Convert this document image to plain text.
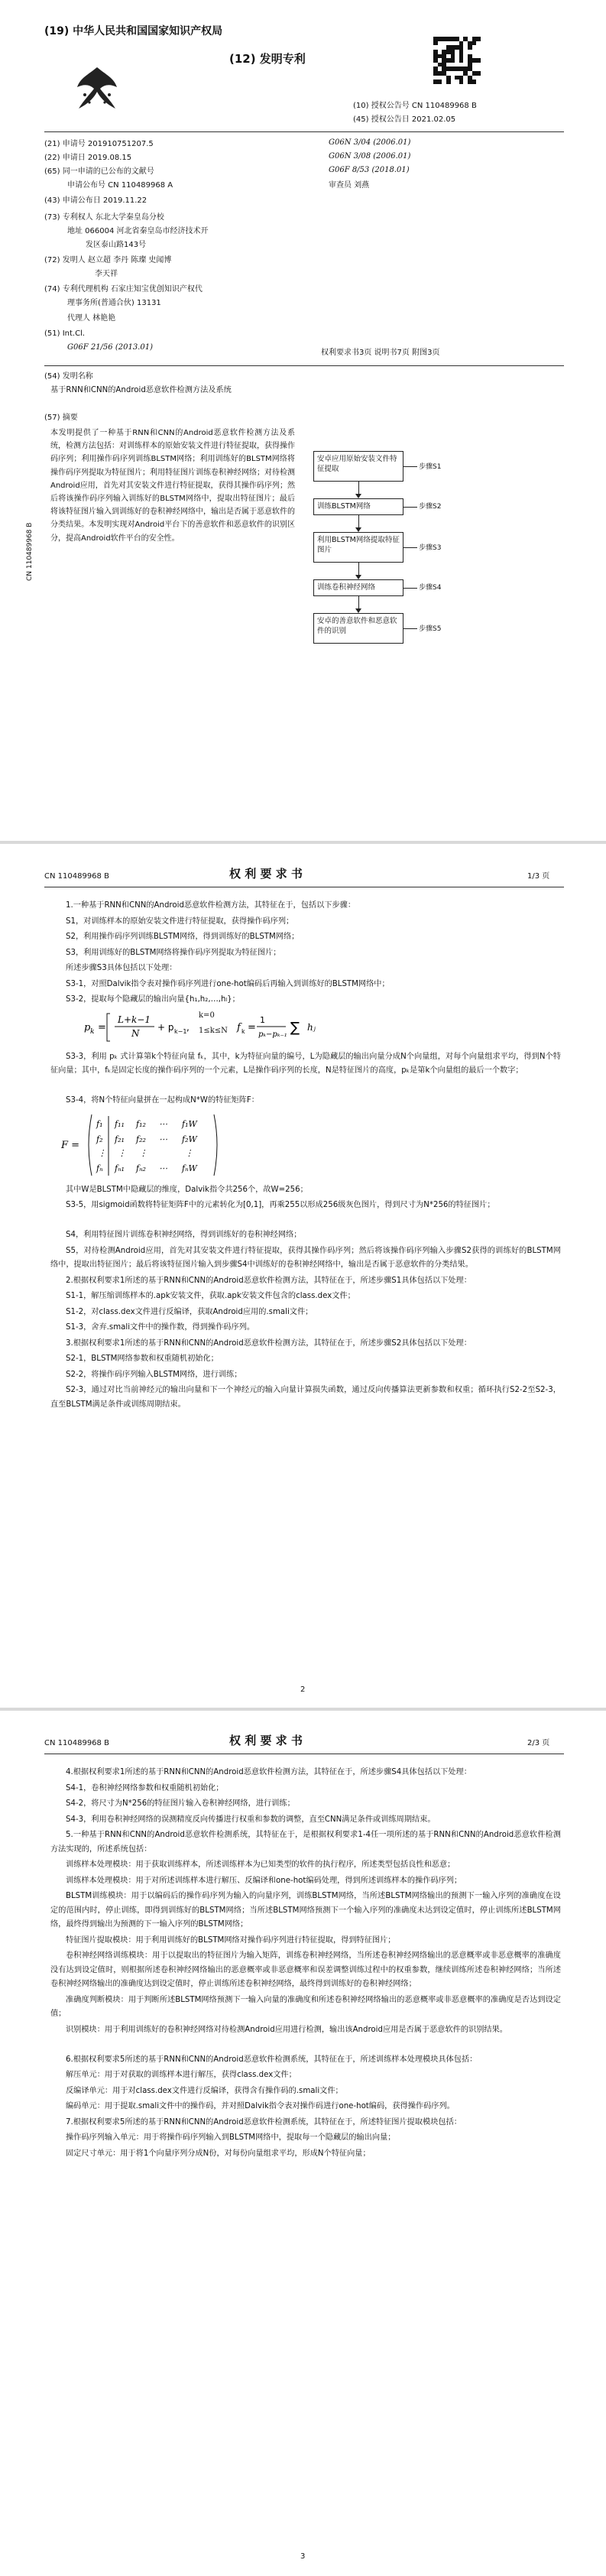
(19) 中华人民共和国国家知识产权局
(12) 发明专利
(10) 授权公告号 CN 110489968 B
(45) 授权公告日 2021.02.05
(21) 申请号 201910751207.5
(22) 申请日 2019.08.15
(65) 同一申请的已公布的文献号
申请公布号 CN 110489968 A
(43) 申请公布日 2019.11.22
(73) 专利权人 东北大学秦皇岛分校
地址 066004 河北省秦皇岛市经济技术开
发区泰山路143号
(72) 发明人 赵立超 李丹 陈璨 史闻博
李天祥
(74) 专利代理机构 石家庄知宝优创知识产权代
理事务所(普通合伙) 13131
代理人 林艳艳
(51) Int.Cl.
G06F 21/56 (2013.01)
G06N 3/04 (2006.01)
G06N 3/08 (2006.01)
G06F 8/53 (2018.01)
审查员 刘燕
权利要求书3页 说明书7页 附图3页
(54) 发明名称
基于RNN和CNN的Android恶意软件检测方法及系统
(57) 摘要
本发明提供了一种基于RNN和CNN的Android恶意软件检测方法及系统，检测方法包括：对训练样本的原始安装文件进行特征提取，获得操作码序列；利用操作码序列训练BLSTM网络；利用训练好的BLSTM网络将操作码序列提取为特征图片；利用特征图片训练卷积神经网络；对待检测Android应用，首先对其安装文件进行特征提取，获得其操作码序列；然后将该操作码序列输入训练好的BLSTM网络中，提取出特征图片；最后将该特征图片输入到训练好的卷积神经网络中，输出是否属于恶意软件的分类结果。本发明实现对Android平台下的善意软件和恶意软件的识别区分，提高Android软件平台的安全性。
安卓应用原始安装文件特征提取	步骤S1
训练BLSTM网络	步骤S2
利用BLSTM网络提取特征图片	步骤S3
训练卷积神经网络	步骤S4
安卓的善意软件和恶意软件的识别	步骤S5
CN 110489968 B
CN 110489968 B	权 利 要 求 书	1/3 页
1.一种基于RNN和CNN的Android恶意软件检测方法，其特征在于，包括以下步骤：
S1，对训练样本的原始安装文件进行特征提取，获得操作码序列；
S2，利用操作码序列训练BLSTM网络，得到训练好的BLSTM网络；
S3，利用训练好的BLSTM网络将操作码序列提取为特征图片；
所述步骤S3具体包括以下处理：
S3-1，对照Dalvik指令表对操作码序列进行one-hot编码后再输入到训练好的BLSTM网络中；
S3-2，提取每个隐藏层的输出向量{h₁,h₂,…,hₗ}；
p k =
L+k−1
N
+ p k−1 ,	f k =
1
pₖ−pₖ₋₁ ∑ hⱼ
k=0
1≤k≤N
S3-3，利用 pₖ 式计算第k个特征向量 fₖ，其中，k为特征向量的编号，L为隐藏层的输出向量分成N个向量组，对每个向量组求平均，得到N个特征向量；其中，fₖ是固定长度的操作码序列的一个元素，L是操作码序列的长度，N是特征图片的高度，pₖ是第k个向量组的最后一个数字；
S3-4，将N个特征向量拼在一起构成N*W的特征矩阵F：
F =
f₁
f₂
⋮
fₙ
f₁₁ f₁₂ ⋯ f₁W
f₂₁ f₂₂ ⋯ f₂W
⋮ ⋮	⋮
fₙ₁ fₙ₂ ⋯ fₙW
其中W是BLSTM中隐藏层的维度，Dalvik指令共256个，故W=256；
S3-5，用sigmoid函数将特征矩阵F中的元素转化为[0,1]，再乘255以形成256级灰色图片，得到尺寸为N*256的特征图片；
S4，利用特征图片训练卷积神经网络，得到训练好的卷积神经网络；
S5，对待检测Android应用，首先对其安装文件进行特征提取，获得其操作码序列；然后将该操作码序列输入步骤S2获得的训练好的BLSTM网络中，提取出特征图片；最后将该特征图片输入到步骤S4中训练好的卷积神经网络中，输出是否属于恶意软件的分类结果。
2.根据权利要求1所述的基于RNN和CNN的Android恶意软件检测方法，其特征在于，所述步骤S1具体包括以下处理：
S1-1，解压缩训练样本的.apk安装文件，获取.apk安装文件包含的class.dex文件；
S1-2，对class.dex文件进行反编译，获取Android应用的.smali文件；
S1-3，舍弃.smali文件中的操作数，得到操作码序列。
3.根据权利要求1所述的基于RNN和CNN的Android恶意软件检测方法，其特征在于，所述步骤S2具体包括以下处理：
S2-1，BLSTM网络参数和权重随机初始化；
S2-2，将操作码序列输入BLSTM网络，进行训练；
S2-3，通过对比当前神经元的输出向量和下一个神经元的输入向量计算损失函数，通过反向传播算法更新参数和权重；循环执行S2-2至S2-3，直至BLSTM满足条件或训练周期结束。
2
CN 110489968 B	权 利 要 求 书	2/3 页
4.根据权利要求1所述的基于RNN和CNN的Android恶意软件检测方法，其特征在于，所述步骤S4具体包括以下处理：
S4-1，卷积神经网络参数和权重随机初始化；
S4-2，将尺寸为N*256的特征图片输入卷积神经网络，进行训练；
S4-3，利用卷积神经网络的误测精度反向传播进行权重和参数的调整，直至CNN满足条件或训练周期结束。
5.一种基于RNN和CNN的Android恶意软件检测系统，其特征在于，是根据权利要求1-4任一项所述的基于RNN和CNN的Android恶意软件检测方法实现的，所述系统包括：
训练样本处理模块：用于获取训练样本，所述训练样本为已知类型的软件的执行程序，所述类型包括良性和恶意；
训练样本处理模块：用于对所述训练样本进行解压、反编译和one-hot编码处理，得到所述训练样本的操作码序列；
BLSTM训练模块：用于以编码后的操作码序列为输入的向量序列，训练BLSTM网络，当所述BLSTM网络输出的预测下一输入序列的准确度在设定的范围内时，停止训练，即得到训练好的BLSTM网络；当所述BLSTM网络预测下一个输入序列的准确度未达到设定值时，停止训练所述BLSTM网络，最终得到输出为预测的下一输入序列的BLSTM网络；
特征图片提取模块：用于利用训练好的BLSTM网络对操作码序列进行特征提取，得到特征图片；
卷积神经网络训练模块：用于以提取出的特征图片为输入矩阵，训练卷积神经网络，当所述卷积神经网络输出的恶意概率或非恶意概率的准确度没有达到设定值时，则根据所述卷积神经网络输出的恶意概率或非恶意概率和误差调整训练过程中的权重参数，继续训练所述卷积神经网络；当所述卷积神经网络输出的准确度达到设定值时，停止训练所述卷积神经网络，最终得到训练好的卷积神经网络；
准确度判断模块：用于判断所述BLSTM网络预测下一输入向量的准确度和所述卷积神经网络输出的恶意概率或非恶意概率的准确度是否达到设定值；
识别模块：用于利用训练好的卷积神经网络对待检测Android应用进行检测，输出该Android应用是否属于恶意软件的识别结果。
6.根据权利要求5所述的基于RNN和CNN的Android恶意软件检测系统，其特征在于，所述训练样本处理模块具体包括：
解压单元：用于对获取的训练样本进行解压，获得class.dex文件；
反编译单元：用于对class.dex文件进行反编译，获得含有操作码的.smali文件；
编码单元：用于提取.smali文件中的操作码，并对照Dalvik指令表对操作码进行one-hot编码，获得操作码序列。
7.根据权利要求5所述的基于RNN和CNN的Android恶意软件检测系统，其特征在于，所述特征图片提取模块包括：
操作码序列输入单元：用于将操作码序列输入到BLSTM网络中，提取每一个隐藏层的输出向量；
固定尺寸单元：用于将1个向量序列分成N份，对每份向量组求平均，形成N个特征向量；
3
